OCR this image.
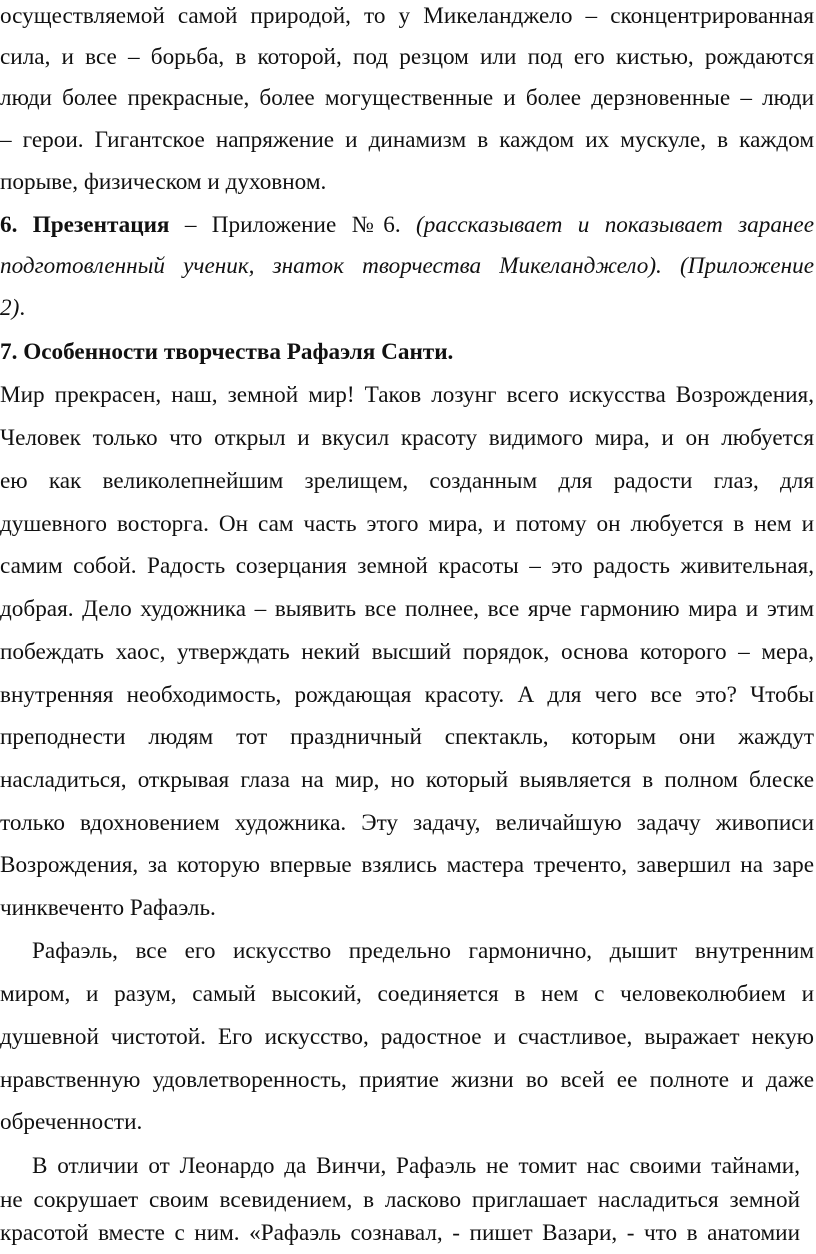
осуществляемой самой природой, то у Микеланджело – сконцентрированная
сила, и все – борьба, в которой, под резцом или под его кистью, рождаются
люди более прекрасные, более могущественные и более дерзновенные – люди
– герои. Гигантское напряжение и динамизм в каждом их мускуле, в каждом
порыве, физическом и духовном.
6. Презентация – Приложение №6. (рассказывает и показывает заранее
подготовленный ученик, знаток творчества Микеланджело). (Приложение
2).
7. Особенности творчества Рафаэля Санти.
Мир прекрасен, наш, земной мир! Таков лозунг всего искусства Возрождения,
Человек только что открыл и вкусил красоту видимого мира, и он любуется
ею как великолепнейшим зрелищем, созданным для радости глаз, для
душевного восторга. Он сам часть этого мира, и потому он любуется в нем и
самим собой. Радость созерцания земной красоты – это радость живительная,
добрая. Дело художника – выявить все полнее, все ярче гармонию мира и этим
побеждать хаос, утверждать некий высший порядок, основа которого – мера,
внутренняя необходимость, рождающая красоту. А для чего все это? Чтобы
преподнести людям тот праздничный спектакль, которым они жаждут
насладиться, открывая глаза на мир, но который выявляется в полном блеске
только вдохновением художника. Эту задачу, величайшую задачу живописи
Возрождения, за которую впервые взялись мастера треченто, завершил на заре
чинквеченто Рафаэль.
Рафаэль, все его искусство предельно гармонично, дышит внутренним
миром, и разум, самый высокий, соединяется в нем с человеколюбием и
душевной чистотой. Его искусство, радостное и счастливое, выражает некую
нравственную удовлетворенность, приятие жизни во всей ее полноте и даже
обреченности.
В отличии от Леонардо да Винчи, Рафаэль не томит нас своими тайнами,
не сокрушает своим всевидением, в ласково приглашает насладиться земной
красотой вместе с ним. «Рафаэль сознавал, - пишет Вазари, - что в анатомии
